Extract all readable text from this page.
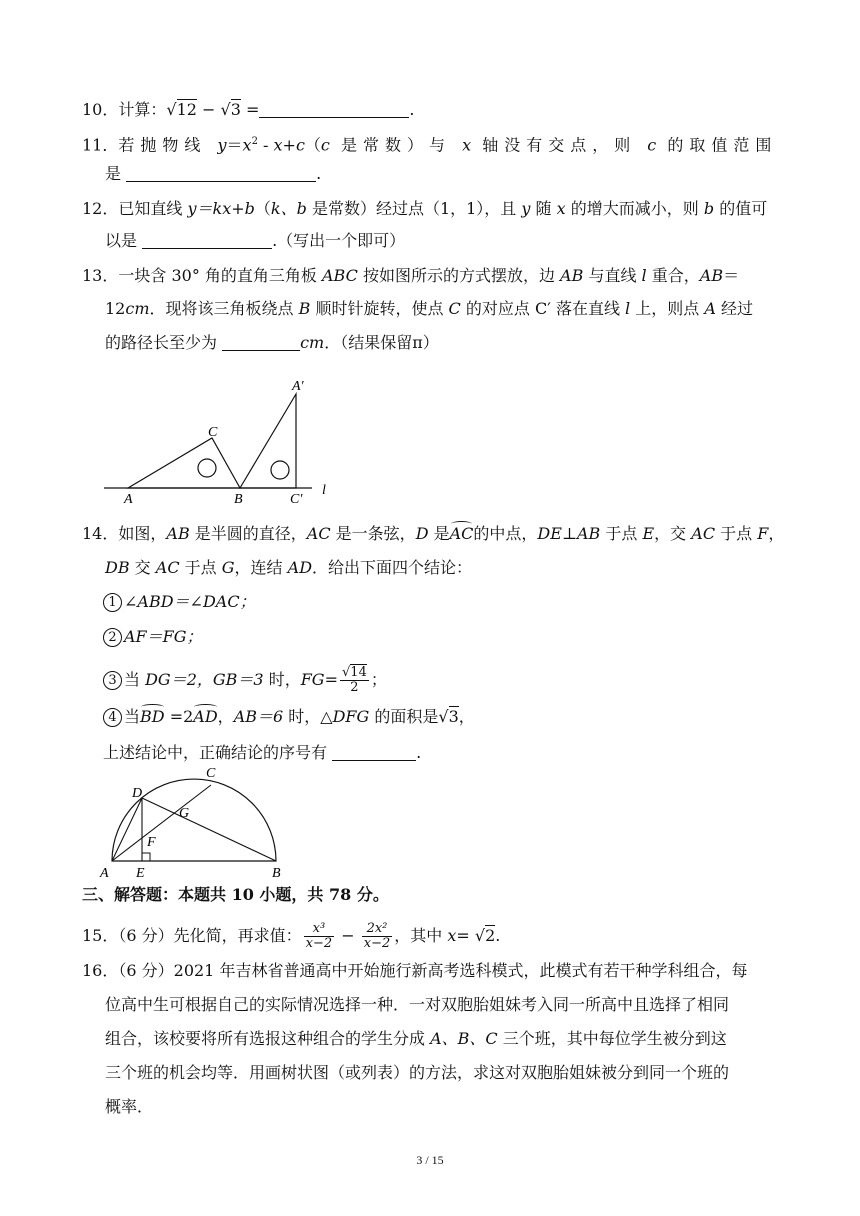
10．计算：√12 − √3 =	.
11．若抛物线 $y=x^2$ ‑ x+c（c 是常数）与 x 轴没有交点，则 c 的取值范围
是	.
12．已知直线 y＝kx+b（k、b 是常数）经过点（1，1），且 y 随 x 的增大而减小，则 b 的值可
以是	.（写出一个即可）
13．一块含 30° 角的直角三角板 ABC 按如图所示的方式摆放，边 AB 与直线 l 重合，AB＝
12cm．现将该三角板绕点 B 顺时针旋转，使点 C 的对应点 C′ 落在直线 l 上，则点 A 经过
的路径长至少为	cm．（结果保留π）
A	B
C
C′
A′
l
14．如图，AB 是半圆的直径，AC 是一条弦，D 是AC的中点，DE⊥AB 于点 E，交 AC 于点 F，
DB 交 AC 于点 G，连结 AD．给出下面四个结论：
1 ∠ABD＝∠DAC；
2 AF＝FG；
3 当 DG＝2，GB＝3 时，$FG= \frac{√14}{2}$ ；
4 当BD =2AD，AB＝6 时，△DFG 的面积是√3，
上述结论中，正确结论的序号有	.
A	B
C
D
E
F
G
三、解答题：本题共 10 小题，共 78 分。
15．（6 分）先化简，再求值： $\frac{\text{x³}}{x-2} - \frac{\text{2x²}}{x-2}$ ，其中 x= √2.
16．（6 分）2021 年吉林省普通高中开始施行新高考选科模式，此模式有若干种学科组合，每
位高中生可根据自己的实际情况选择一种．一对双胞胎姐妹考入同一所高中且选择了相同
组合，该校要将所有选报这种组合的学生分成 A、B、C 三个班，其中每位学生被分到这
三个班的机会均等．用画树状图（或列表）的方法，求这对双胞胎姐妹被分到同一个班的
概率．
3 / 15
